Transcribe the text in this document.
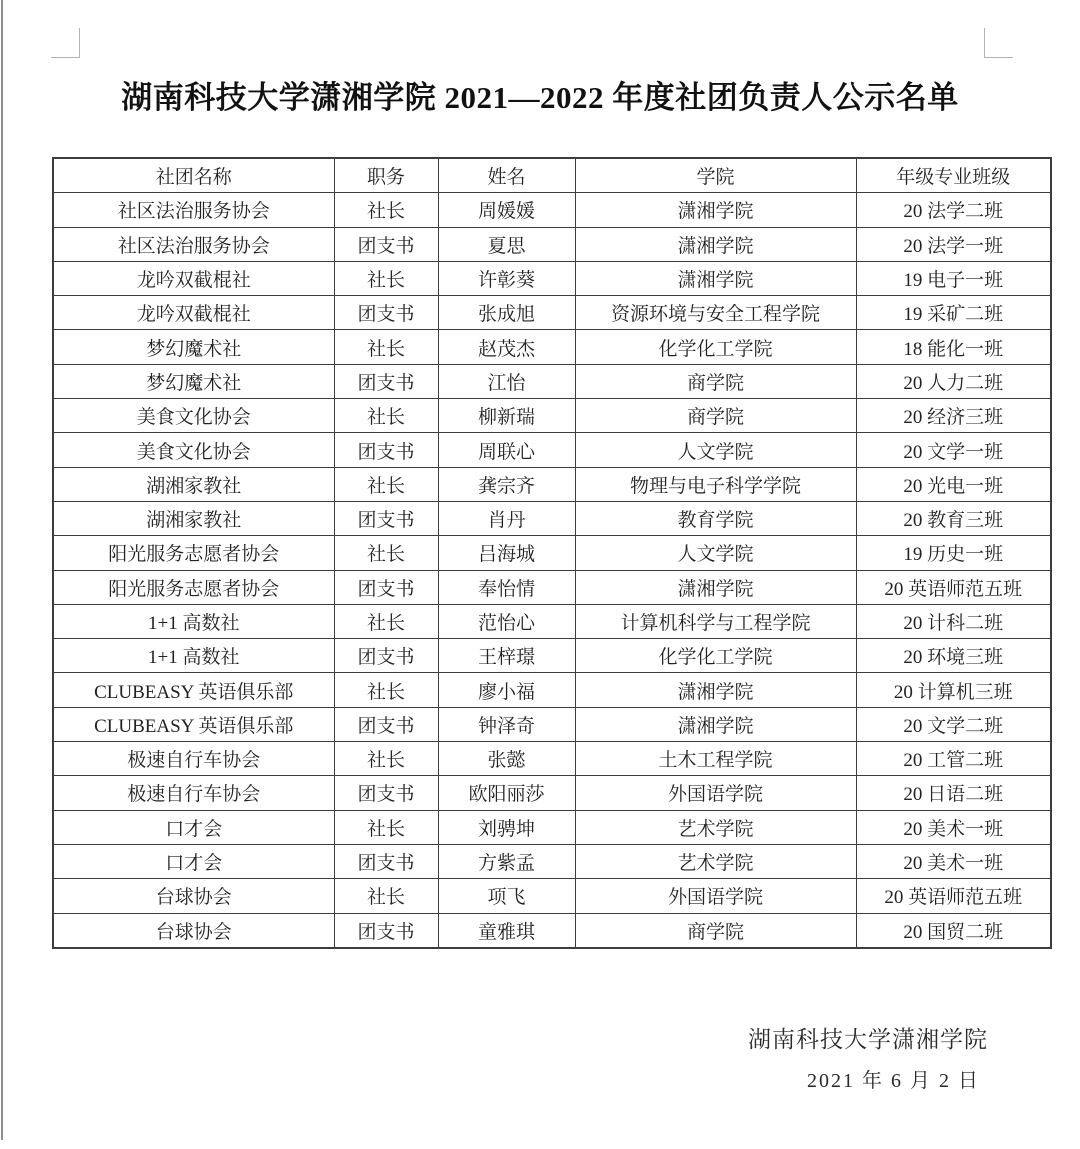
湖南科技大学潇湘学院 2021—2022 年度社团负责人公示名单
社团名称	职务	姓名	学院	年级专业班级
社区法治服务协会	社长	周媛媛	潇湘学院	20 法学二班
社区法治服务协会	团支书	夏思	潇湘学院	20 法学一班
龙吟双截棍社	社长	许彰葵	潇湘学院	19 电子一班
龙吟双截棍社	团支书	张成旭	资源环境与安全工程学院	19 采矿二班
梦幻魔术社	社长	赵茂杰	化学化工学院	18 能化一班
梦幻魔术社	团支书	江怡	商学院	20 人力二班
美食文化协会	社长	柳新瑞	商学院	20 经济三班
美食文化协会	团支书	周联心	人文学院	20 文学一班
湖湘家教社	社长	龚宗齐	物理与电子科学学院	20 光电一班
湖湘家教社	团支书	肖丹	教育学院	20 教育三班
阳光服务志愿者协会	社长	吕海城	人文学院	19 历史一班
阳光服务志愿者协会	团支书	奉怡情	潇湘学院	20 英语师范五班
1+1 高数社	社长	范怡心	计算机科学与工程学院	20 计科二班
1+1 高数社	团支书	王梓璟	化学化工学院	20 环境三班
CLUBEASY 英语俱乐部	社长	廖小福	潇湘学院	20 计算机三班
CLUBEASY 英语俱乐部	团支书	钟泽奇	潇湘学院	20 文学二班
极速自行车协会	社长	张懿	土木工程学院	20 工管二班
极速自行车协会	团支书	欧阳丽莎	外国语学院	20 日语二班
口才会	社长	刘骋坤	艺术学院	20 美术一班
口才会	团支书	方紫孟	艺术学院	20 美术一班
台球协会	社长	项飞	外国语学院	20 英语师范五班
台球协会	团支书	童雅琪	商学院	20 国贸二班
湖南科技大学潇湘学院
2021 年 6 月 2 日
